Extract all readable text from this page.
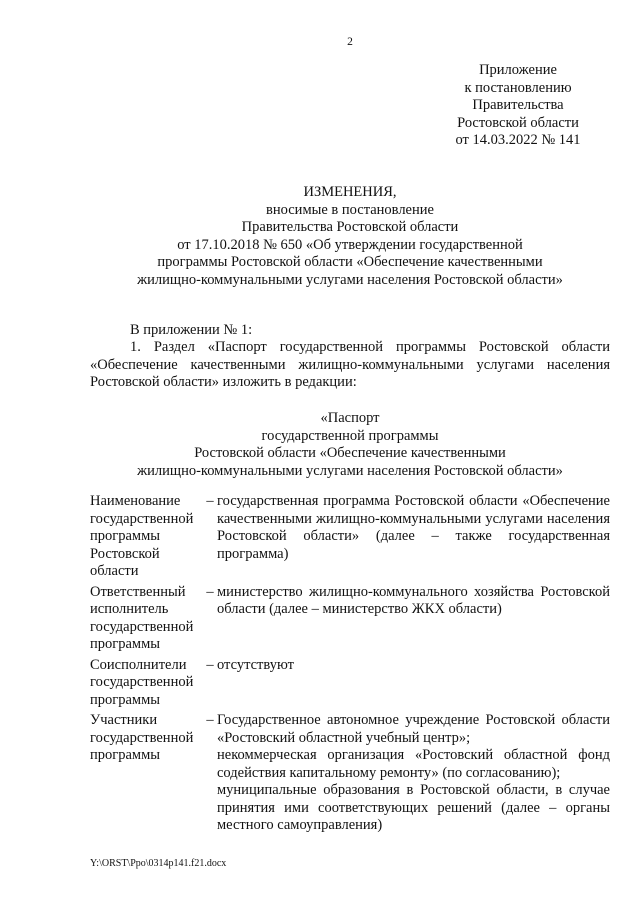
2
Приложение
к постановлению
Правительства
Ростовской области
от 14.03.2022 № 141
ИЗМЕНЕНИЯ,
вносимые в постановление
Правительства Ростовской области
от 17.10.2018 № 650 «Об утверждении государственной
программы Ростовской области «Обеспечение качественными
жилищно-коммунальными услугами населения Ростовской области»
В приложении № 1:
1. Раздел «Паспорт государственной программы Ростовской области «Обеспечение качественными жилищно-коммунальными услугами населения Ростовской области» изложить в редакции:
«Паспорт
государственной программы
Ростовской области «Обеспечение качественными
жилищно-коммунальными услугами населения Ростовской области»
Наименование государственной программы Ростовской области	–	государственная программа Ростовской области «Обеспечение качественными жилищно-коммунальными услугами населения Ростовской области» (далее – также государственная программа)
Ответственный исполнитель государственной программы	–	министерство жилищно-коммунального хозяйства Ростовской области (далее – министерство ЖКХ области)
Соисполнители государственной программы	–	отсутствуют
Участники государственной программы	–	Государственное автономное учреждение Ростовской области «Ростовский областной учебный центр»;
некоммерческая организация «Ростовский областной фонд содействия капитальному ремонту» (по согласованию);
муниципальные образования в Ростовской области, в случае принятия ими соответствующих решений (далее – органы местного самоуправления)
Y:\ORST\Ppo\0314p141.f21.docx
